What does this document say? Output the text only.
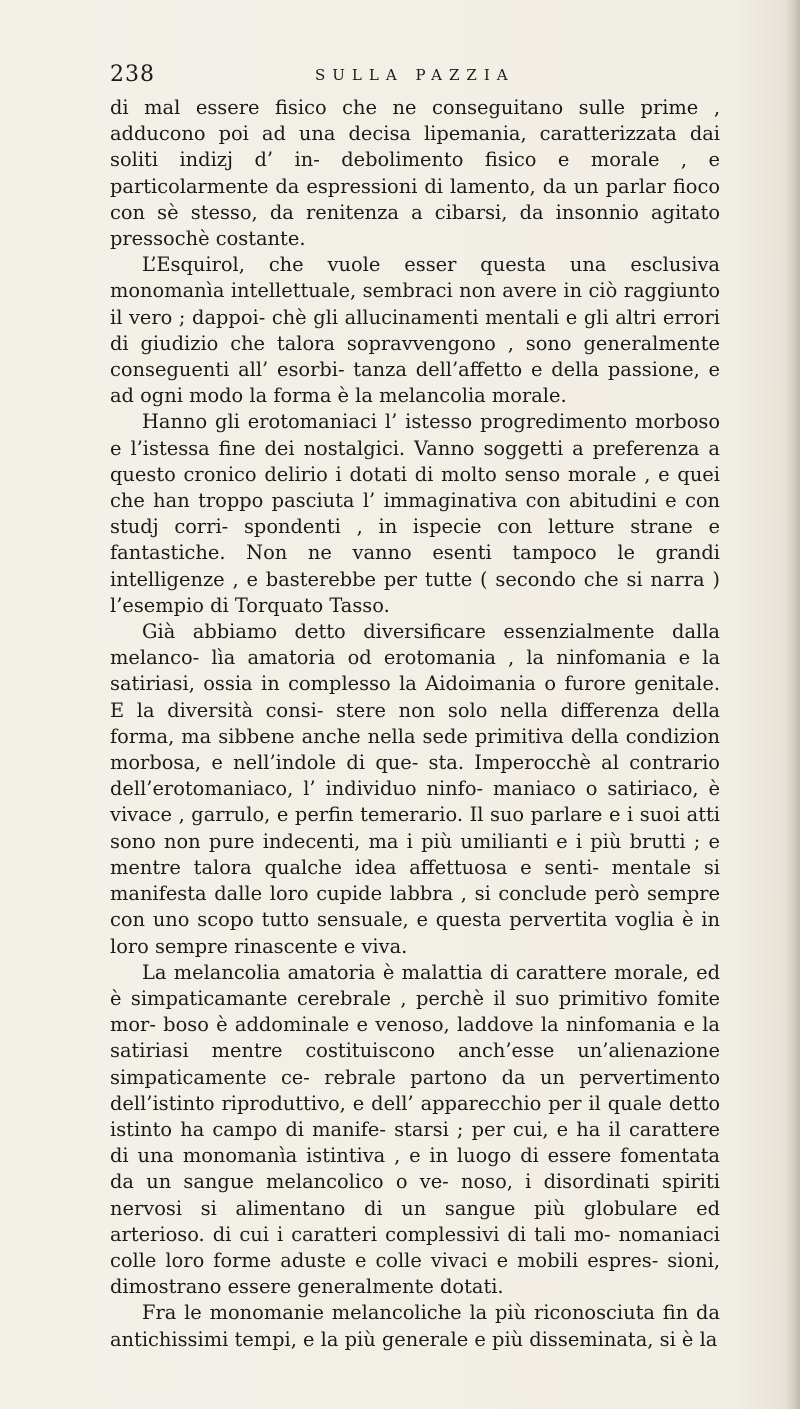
238	SULLA PAZZIA

di mal essere fisico che ne conseguitano sulle prime , adducono poi ad una decisa lipemania, caratterizzata dai soliti indizj d’ in- debolimento fisico e morale , e particolarmente da espressioni di lamento, da un parlar fioco con sè stesso, da renitenza a cibarsi, da insonnio agitato pressochè costante.

L’Esquirol, che vuole esser questa una esclusiva monomanìa intellettuale, sembraci non avere in ciò raggiunto il vero ; dappoi- chè gli allucinamenti mentali e gli altri errori di giudizio che talora sopravvengono , sono generalmente conseguenti all’ esorbi- tanza dell’affetto e della passione, e ad ogni modo la forma è la melancolia morale.

Hanno gli erotomaniaci l’ istesso progredimento morboso e l’istessa fine dei nostalgici. Vanno soggetti a preferenza a questo cronico delirio i dotati di molto senso morale , e quei che han troppo pasciuta l’ immaginativa con abitudini e con studj corri- spondenti , in ispecie con letture strane e fantastiche. Non ne vanno esenti tampoco le grandi intelligenze , e basterebbe per tutte ( secondo che si narra ) l’esempio di Torquato Tasso.

Già abbiamo detto diversificare essenzialmente dalla melanco- lìa amatoria od erotomania , la ninfomania e la satiriasi, ossia in complesso la Aidoimania o furore genitale. E la diversità consi- stere non solo nella differenza della forma, ma sibbene anche nella sede primitiva della condizion morbosa, e nell’indole di que- sta. Imperocchè al contrario dell’erotomaniaco, l’ individuo ninfo- maniaco o satiriaco, è vivace , garrulo, e perfin temerario. Il suo parlare e i suoi atti sono non pure indecenti, ma i più umilianti e i più brutti ; e mentre talora qualche idea affettuosa e senti- mentale si manifesta dalle loro cupide labbra , si conclude però sempre con uno scopo tutto sensuale, e questa pervertita voglia è in loro sempre rinascente e viva.

La melancolia amatoria è malattia di carattere morale, ed è simpaticamante cerebrale , perchè il suo primitivo fomite mor- boso è addominale e venoso, laddove la ninfomania e la satiriasi mentre costituiscono anch’esse un’alienazione simpaticamente ce- rebrale partono da un pervertimento dell’istinto riproduttivo, e dell’ apparecchio per il quale detto istinto ha campo di manife- starsi ; per cui, e ha il carattere di una monomanìa istintiva , e in luogo di essere fomentata da un sangue melancolico o ve- noso, i disordinati spiriti nervosi si alimentano di un sangue più globulare ed arterioso. di cui i caratteri complessivi di tali mo- nomaniaci colle loro forme aduste e colle vivaci e mobili espres- sioni, dimostrano essere generalmente dotati.

Fra le monomanie melancoliche la più riconosciuta fin da antichissimi tempi, e la più generale e più disseminata, si è la
